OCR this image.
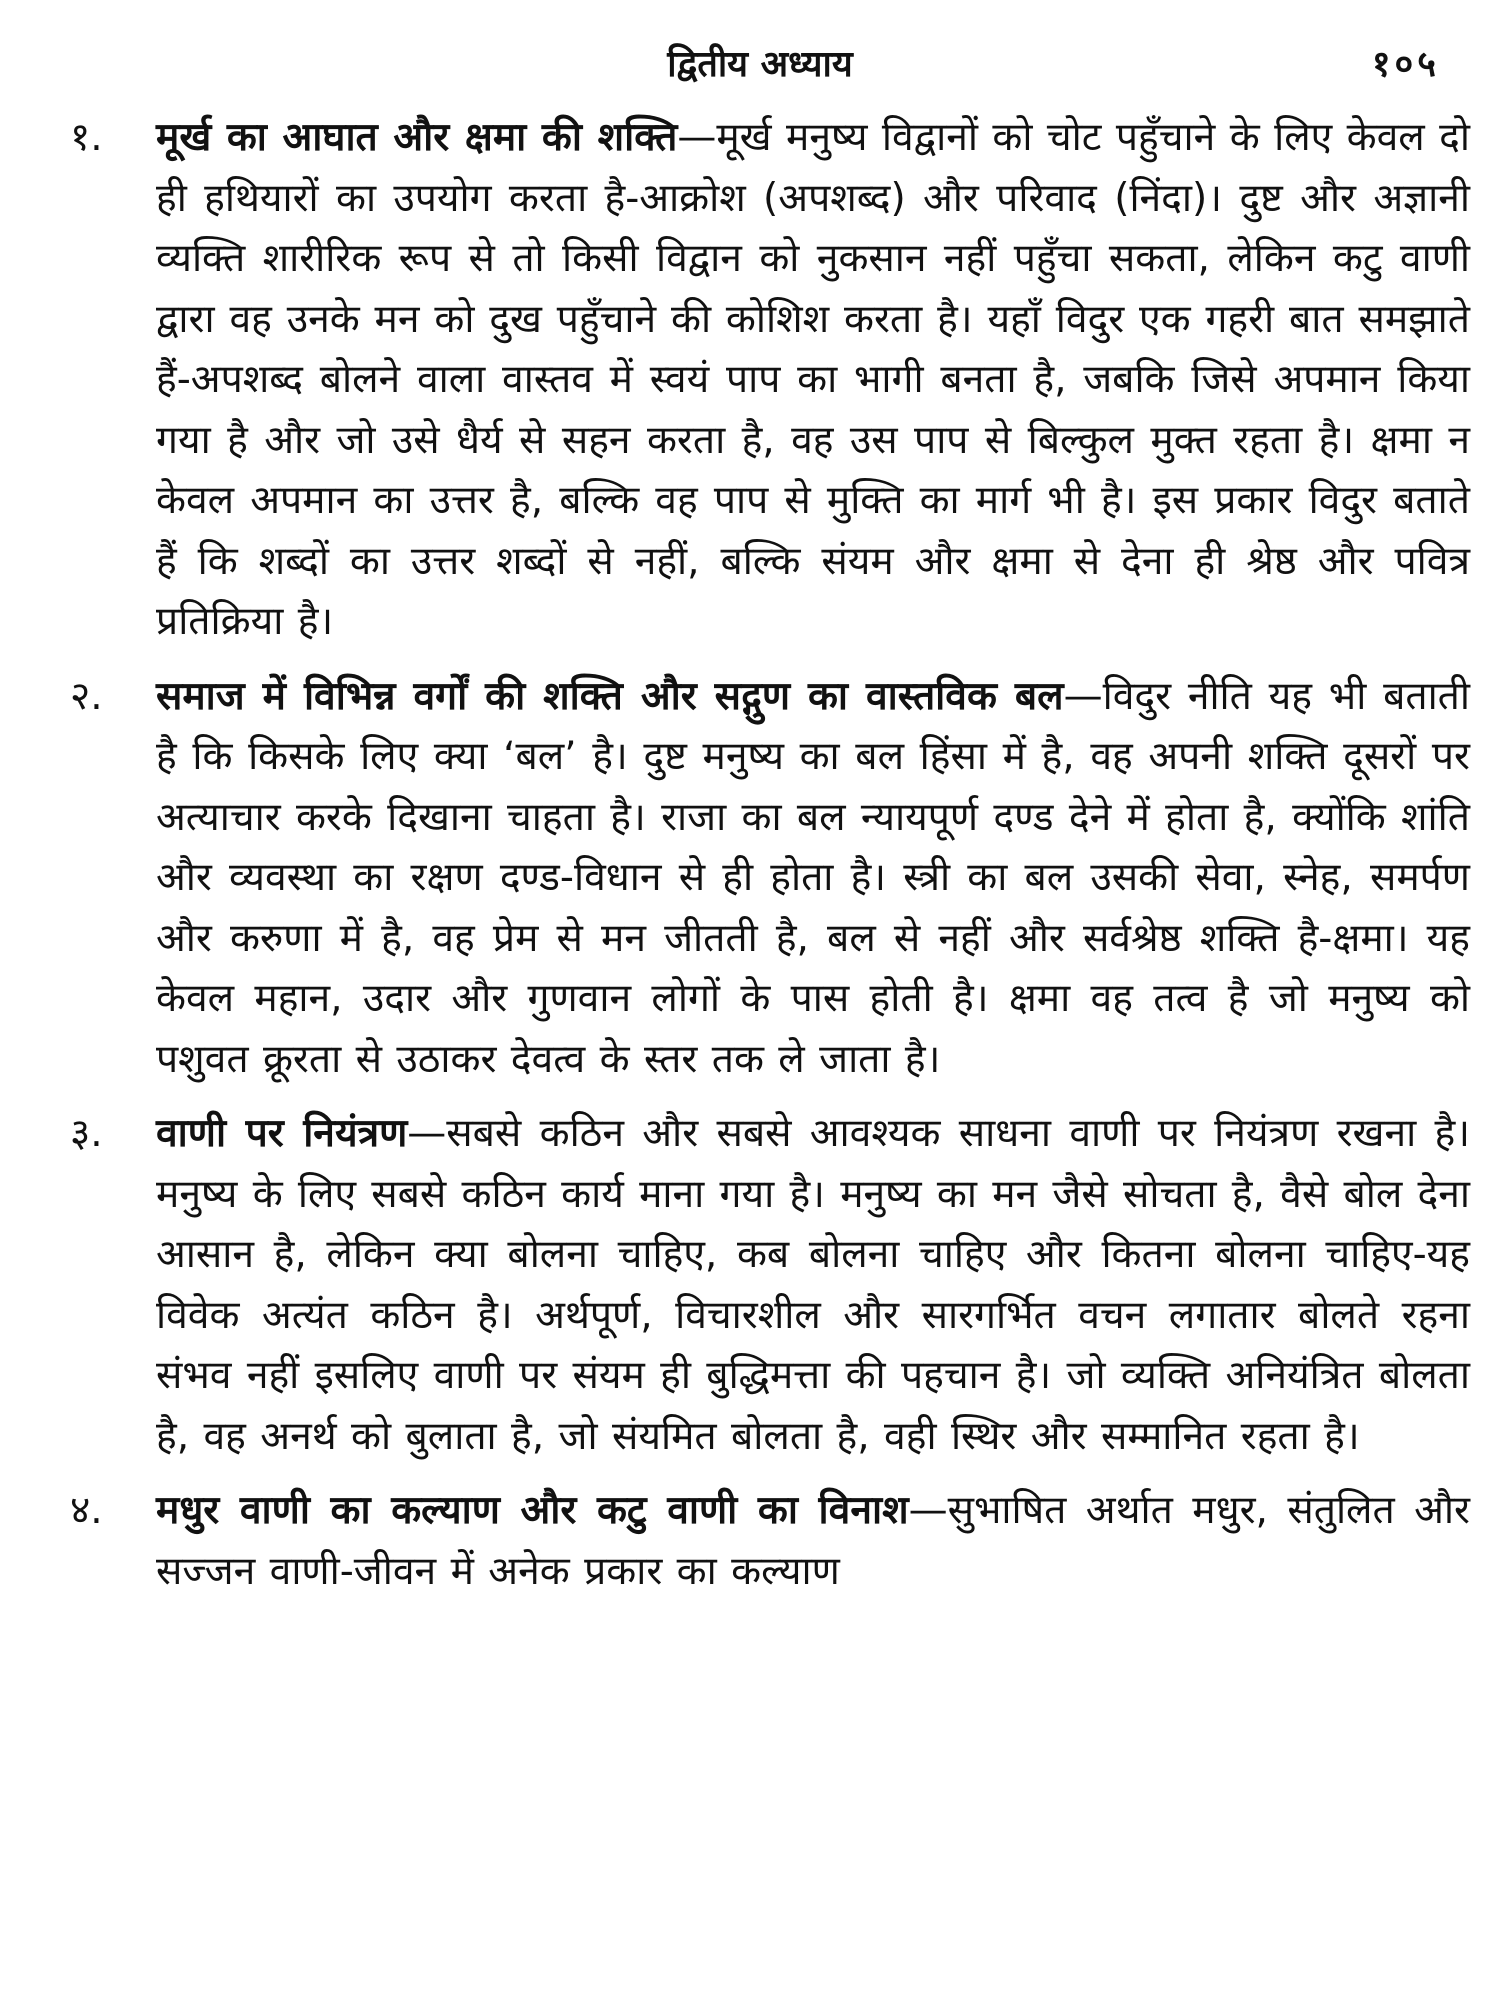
द्वितीय अध्याय	१०५
१.	मूर्ख का आघात और क्षमा की शक्ति—मूर्ख मनुष्य विद्वानों को चोट पहुँचाने के लिए केवल दो ही हथियारों का उपयोग करता है-आक्रोश (अपशब्द) और परिवाद (निंदा)। दुष्ट और अज्ञानी व्यक्ति शारीरिक रूप से तो किसी विद्वान को नुकसान नहीं पहुँचा सकता, लेकिन कटु वाणी द्वारा वह उनके मन को दुख पहुँचाने की कोशिश करता है। यहाँ विदुर एक गहरी बात समझाते हैं-अपशब्द बोलने वाला वास्तव में स्वयं पाप का भागी बनता है, जबकि जिसे अपमान किया गया है और जो उसे धैर्य से सहन करता है, वह उस पाप से बिल्कुल मुक्त रहता है। क्षमा न केवल अपमान का उत्तर है, बल्कि वह पाप से मुक्ति का मार्ग भी है। इस प्रकार विदुर बताते हैं कि शब्दों का उत्तर शब्दों से नहीं, बल्कि संयम और क्षमा से देना ही श्रेष्ठ और पवित्र प्रतिक्रिया है।
२.	समाज में विभिन्न वर्गों की शक्ति और सद्गुण का वास्तविक बल—विदुर नीति यह भी बताती है कि किसके लिए क्या ‘बल’ है। दुष्ट मनुष्य का बल हिंसा में है, वह अपनी शक्ति दूसरों पर अत्याचार करके दिखाना चाहता है। राजा का बल न्यायपूर्ण दण्ड देने में होता है, क्योंकि शांति और व्यवस्था का रक्षण दण्ड-विधान से ही होता है। स्त्री का बल उसकी सेवा, स्नेह, समर्पण और करुणा में है, वह प्रेम से मन जीतती है, बल से नहीं और सर्वश्रेष्ठ शक्ति है-क्षमा। यह केवल महान, उदार और गुणवान लोगों के पास होती है। क्षमा वह तत्व है जो मनुष्य को पशुवत क्रूरता से उठाकर देवत्व के स्तर तक ले जाता है।
३.	वाणी पर नियंत्रण—सबसे कठिन और सबसे आवश्यक साधना वाणी पर नियंत्रण रखना है। मनुष्य के लिए सबसे कठिन कार्य माना गया है। मनुष्य का मन जैसे सोचता है, वैसे बोल देना आसान है, लेकिन क्या बोलना चाहिए, कब बोलना चाहिए और कितना बोलना चाहिए-यह विवेक अत्यंत कठिन है। अर्थपूर्ण, विचारशील और सारगर्भित वचन लगातार बोलते रहना संभव नहीं इसलिए वाणी पर संयम ही बुद्धिमत्ता की पहचान है। जो व्यक्ति अनियंत्रित बोलता है, वह अनर्थ को बुलाता है, जो संयमित बोलता है, वही स्थिर और सम्मानित रहता है।
४.	मधुर वाणी का कल्याण और कटु वाणी का विनाश—सुभाषित अर्थात मधुर, संतुलित और सज्जन वाणी-जीवन में अनेक प्रकार का कल्याण
